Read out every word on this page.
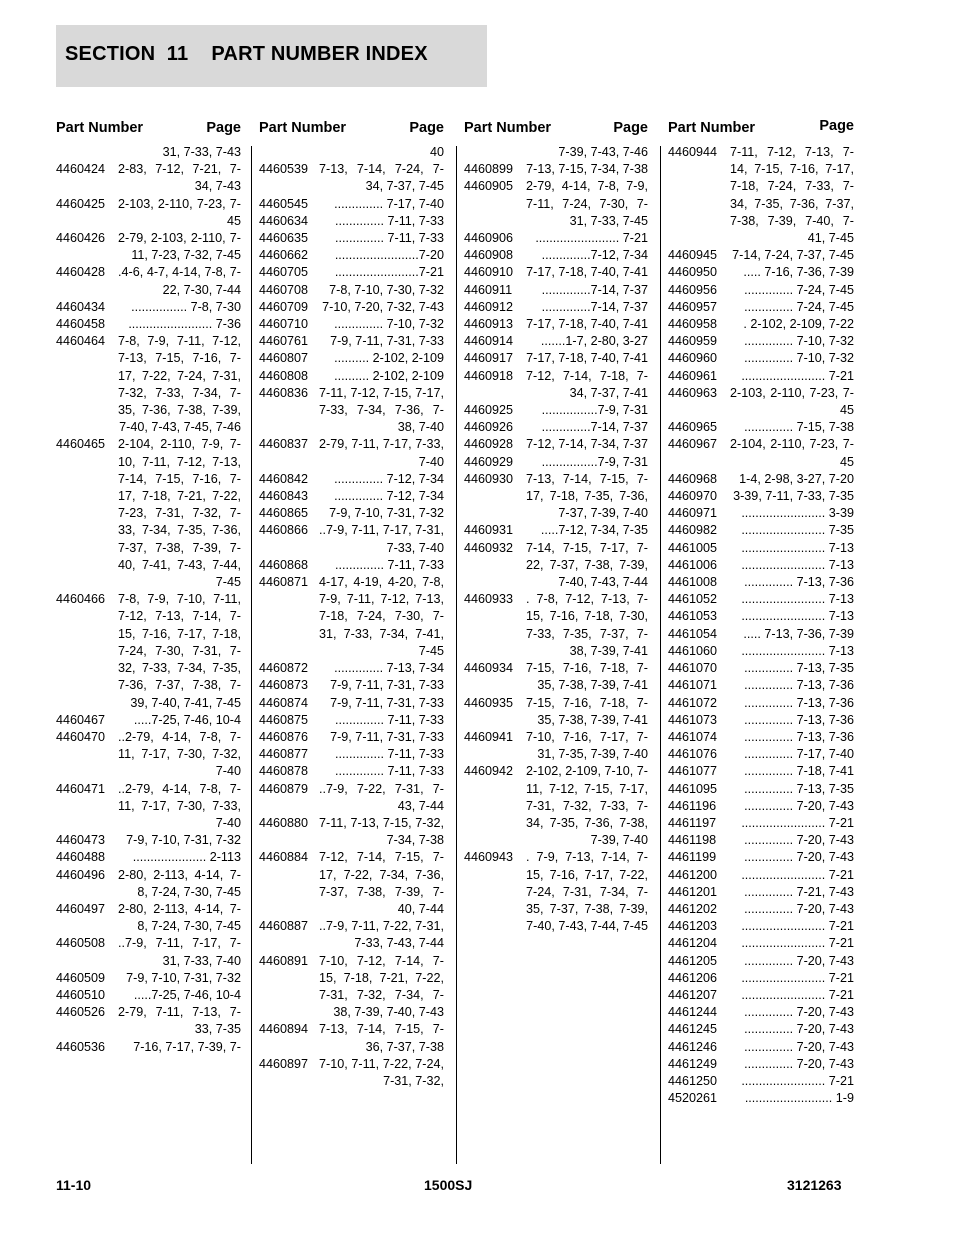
SECTION  11    PART NUMBER INDEX
Part Number	Page
31, 7-33, 7-43
4460424 2-83, 7-12, 7-21, 7-34, 7-43
4460425 2-103, 2-110, 7-23, 7-45
4460426 2-79, 2-103, 2-110, 7-11, 7-23, 7-32, 7-45
4460428 .4-6, 4-7, 4-14, 7-8, 7-22, 7-30, 7-44
4460434	................ 7-8, 7-30
4460458	........................ 7-36
4460464 7-8, 7-9, 7-11, 7-12, 7-13, 7-15, 7-16, 7-17, 7-22, 7-24, 7-31, 7-32, 7-33, 7-34, 7-35, 7-36, 7-38, 7-39, 7-40, 7-43, 7-45, 7-46
4460465 2-104, 2-110, 7-9, 7-10, 7-11, 7-12, 7-13, 7-14, 7-15, 7-16, 7-17, 7-18, 7-21, 7-22, 7-23, 7-31, 7-32, 7-33, 7-34, 7-35, 7-36, 7-37, 7-38, 7-39, 7-40, 7-41, 7-43, 7-44, 7-45
4460466 7-8, 7-9, 7-10, 7-11, 7-12, 7-13, 7-14, 7-15, 7-16, 7-17, 7-18, 7-24, 7-30, 7-31, 7-32, 7-33, 7-34, 7-35, 7-36, 7-37, 7-38, 7-39, 7-40, 7-41, 7-45
4460467	.....7-25, 7-46, 10-4
4460470 ..2-79, 4-14, 7-8, 7-11, 7-17, 7-30, 7-32, 7-40
4460471 ..2-79, 4-14, 7-8, 7-11, 7-17, 7-30, 7-33, 7-40
4460473	7-9, 7-10, 7-31, 7-32
4460488	..................... 2-113
4460496 2-80, 2-113, 4-14, 7-8, 7-24, 7-30, 7-45
4460497 2-80, 2-113, 4-14, 7-8, 7-24, 7-30, 7-45
4460508 ..7-9, 7-11, 7-17, 7-31, 7-33, 7-40
4460509	7-9, 7-10, 7-31, 7-32
4460510	.....7-25, 7-46, 10-4
4460526 2-79, 7-11, 7-13, 7-33, 7-35
4460536	7-16, 7-17, 7-39, 7-
Part Number	Page
40
4460539 7-13, 7-14, 7-24, 7-34, 7-37, 7-45
4460545	.............. 7-17, 7-40
4460634	.............. 7-11, 7-33
4460635	.............. 7-11, 7-33
4460662	........................7-20
4460705	........................7-21
4460708	7-8, 7-10, 7-30, 7-32
4460709 7-10, 7-20, 7-32, 7-43
4460710	.............. 7-10, 7-32
4460761	7-9, 7-11, 7-31, 7-33
4460807	.......... 2-102, 2-109
4460808	.......... 2-102, 2-109
4460836 7-11, 7-12, 7-15, 7-17, 7-33, 7-34, 7-36, 7-38, 7-40
4460837 2-79, 7-11, 7-17, 7-33, 7-40
4460842	.............. 7-12, 7-34
4460843	.............. 7-12, 7-34
4460865	7-9, 7-10, 7-31, 7-32
4460866 ..7-9, 7-11, 7-17, 7-31, 7-33, 7-40
4460868	.............. 7-11, 7-33
4460871 4-17, 4-19, 4-20, 7-8, 7-9, 7-11, 7-12, 7-13, 7-18, 7-24, 7-30, 7-31, 7-33, 7-34, 7-41, 7-45
4460872	.............. 7-13, 7-34
4460873	7-9, 7-11, 7-31, 7-33
4460874	7-9, 7-11, 7-31, 7-33
4460875	.............. 7-11, 7-33
4460876	7-9, 7-11, 7-31, 7-33
4460877	.............. 7-11, 7-33
4460878	.............. 7-11, 7-33
4460879 ..7-9, 7-22, 7-31, 7-43, 7-44
4460880 7-11, 7-13, 7-15, 7-32, 7-34, 7-38
4460884 7-12, 7-14, 7-15, 7-17, 7-22, 7-34, 7-36, 7-37, 7-38, 7-39, 7-40, 7-44
4460887 ..7-9, 7-11, 7-22, 7-31, 7-33, 7-43, 7-44
4460891 7-10, 7-12, 7-14, 7-15, 7-18, 7-21, 7-22, 7-31, 7-32, 7-34, 7-38, 7-39, 7-40, 7-43
4460894 7-13, 7-14, 7-15, 7-36, 7-37, 7-38
4460897 7-10, 7-11, 7-22, 7-24, 7-31, 7-32,
Part Number	Page
7-39, 7-43, 7-46
4460899 7-13, 7-15, 7-34, 7-38
4460905 2-79, 4-14, 7-8, 7-9, 7-11, 7-24, 7-30, 7-31, 7-33, 7-45
4460906	........................ 7-21
4460908	..............7-12, 7-34
4460910 7-17, 7-18, 7-40, 7-41
4460911	..............7-14, 7-37
4460912	..............7-14, 7-37
4460913 7-17, 7-18, 7-40, 7-41
4460914	.......1-7, 2-80, 3-27
4460917 7-17, 7-18, 7-40, 7-41
4460918 7-12, 7-14, 7-18, 7-34, 7-37, 7-41
4460925	................7-9, 7-31
4460926	..............7-14, 7-37
4460928 7-12, 7-14, 7-34, 7-37
4460929	................7-9, 7-31
4460930 7-13, 7-14, 7-15, 7-17, 7-18, 7-35, 7-36, 7-37, 7-39, 7-40
4460931	.....7-12, 7-34, 7-35
4460932 7-14, 7-15, 7-17, 7-22, 7-37, 7-38, 7-39, 7-40, 7-43, 7-44
4460933 . 7-8, 7-12, 7-13, 7-15, 7-16, 7-18, 7-30, 7-33, 7-35, 7-37, 7-38, 7-39, 7-41
4460934 7-15, 7-16, 7-18, 7-35, 7-38, 7-39, 7-41
4460935 7-15, 7-16, 7-18, 7-35, 7-38, 7-39, 7-41
4460941 7-10, 7-16, 7-17, 7-31, 7-35, 7-39, 7-40
4460942 2-102, 2-109, 7-10, 7-11, 7-12, 7-15, 7-17, 7-31, 7-32, 7-33, 7-34, 7-35, 7-36, 7-38, 7-39, 7-40
4460943 . 7-9, 7-13, 7-14, 7-15, 7-16, 7-17, 7-22, 7-24, 7-31, 7-34, 7-35, 7-37, 7-38, 7-39, 7-40, 7-43, 7-44, 7-45
Part Number	Page
4460944 7-11, 7-12, 7-13, 7-14, 7-15, 7-16, 7-17, 7-18, 7-24, 7-33, 7-34, 7-35, 7-36, 7-37, 7-38, 7-39, 7-40, 7-41, 7-45
4460945 7-14, 7-24, 7-37, 7-45
4460950	..... 7-16, 7-36, 7-39
4460956	.............. 7-24, 7-45
4460957	.............. 7-24, 7-45
4460958	. 2-102, 2-109, 7-22
4460959	.............. 7-10, 7-32
4460960	.............. 7-10, 7-32
4460961	........................ 7-21
4460963 2-103, 2-110, 7-23, 7-45
4460965	.............. 7-15, 7-38
4460967 2-104, 2-110, 7-23, 7-45
4460968	1-4, 2-98, 3-27, 7-20
4460970 3-39, 7-11, 7-33, 7-35
4460971	........................ 3-39
4460982	........................ 7-35
4461005	........................ 7-13
4461006	........................ 7-13
4461008	.............. 7-13, 7-36
4461052	........................ 7-13
4461053	........................ 7-13
4461054	..... 7-13, 7-36, 7-39
4461060	........................ 7-13
4461070	.............. 7-13, 7-35
4461071	.............. 7-13, 7-36
4461072	.............. 7-13, 7-36
4461073	.............. 7-13, 7-36
4461074	.............. 7-13, 7-36
4461076	.............. 7-17, 7-40
4461077	.............. 7-18, 7-41
4461095	.............. 7-13, 7-35
4461196	.............. 7-20, 7-43
4461197	........................ 7-21
4461198	.............. 7-20, 7-43
4461199	.............. 7-20, 7-43
4461200	........................ 7-21
4461201	.............. 7-21, 7-43
4461202	.............. 7-20, 7-43
4461203	........................ 7-21
4461204	........................ 7-21
4461205	.............. 7-20, 7-43
4461206	........................ 7-21
4461207	........................ 7-21
4461244	.............. 7-20, 7-43
4461245	.............. 7-20, 7-43
4461246	.............. 7-20, 7-43
4461249	.............. 7-20, 7-43
4461250	........................ 7-21
4520261	......................... 1-9
11-10	1500SJ	3121263
